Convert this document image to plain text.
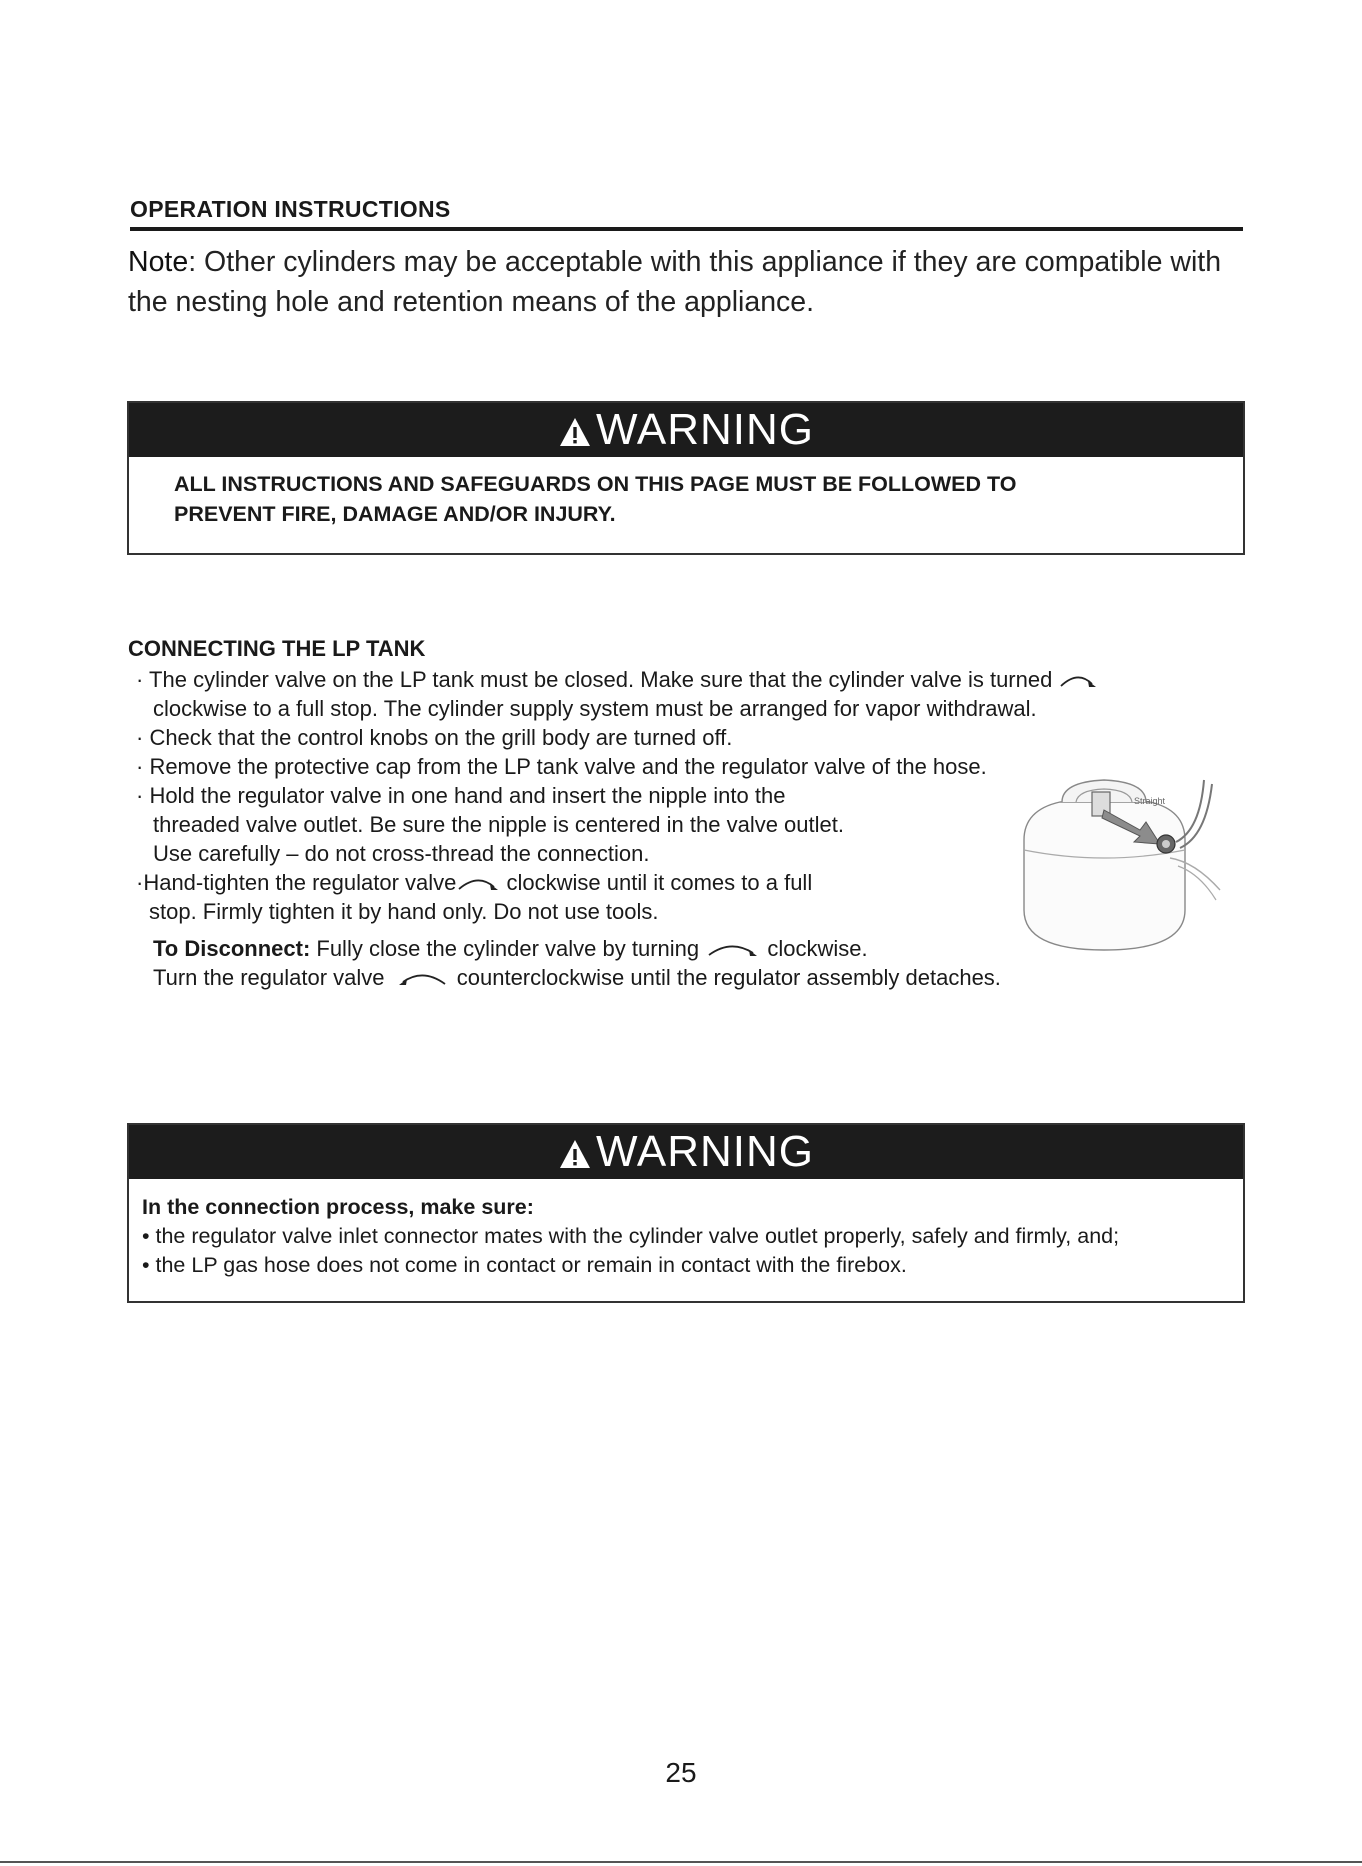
OPERATION INSTRUCTIONS
Note: Other cylinders may be acceptable with this appliance if they are compatible with the nesting hole and retention means of the appliance.
WARNING
ALL INSTRUCTIONS AND SAFEGUARDS ON THIS PAGE MUST BE FOLLOWED TO
PREVENT FIRE, DAMAGE AND/OR INJURY.
CONNECTING THE LP TANK
· The cylinder valve on the LP tank must be closed. Make sure that the cylinder valve is turned
clockwise to a full stop. The cylinder supply system must be arranged for vapor withdrawal.
· Check that the control knobs on the grill body are turned off.
· Remove the protective cap from the LP tank valve and the regulator valve of the hose.
· Hold the regulator valve in one hand and insert the nipple into the
threaded valve outlet. Be sure the nipple is centered in the valve outlet.
Use carefully – do not cross-thread the connection.
·Hand-tighten the regulator valve clockwise until it comes to a full
stop. Firmly tighten it by hand only. Do not use tools.
Straight
To Disconnect: Fully close the cylinder valve by turning	clockwise.
Turn the regulator valve	counterclockwise until the regulator assembly detaches.
WARNING
In the connection process, make sure:
• the regulator valve inlet connector mates with the cylinder valve outlet properly, safely and firmly, and;
• the LP gas hose does not come in contact or remain in contact with the firebox.
25
